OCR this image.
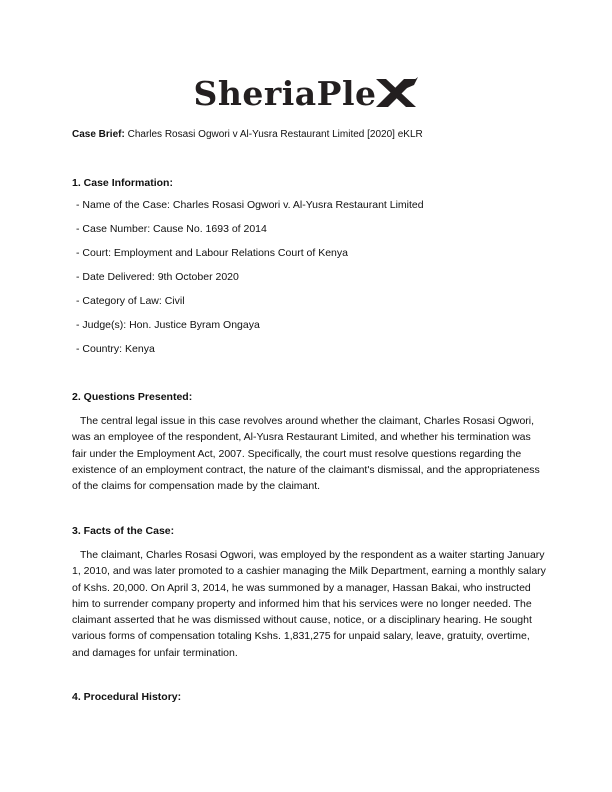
SheriaPle
Case Brief: Charles Rosasi Ogwori v Al-Yusra Restaurant Limited [2020] eKLR
1. Case Information:
- Name of the Case: Charles Rosasi Ogwori v. Al-Yusra Restaurant Limited
- Case Number: Cause No. 1693 of 2014
- Court: Employment and Labour Relations Court of Kenya
- Date Delivered: 9th October 2020
- Category of Law: Civil
- Judge(s): Hon. Justice Byram Ongaya
- Country: Kenya
2. Questions Presented:

The central legal issue in this case revolves around whether the claimant, Charles Rosasi Ogwori, was an employee of the respondent, Al-Yusra Restaurant Limited, and whether his termination was fair under the Employment Act, 2007. Specifically, the court must resolve questions regarding the existence of an employment contract, the nature of the claimant's dismissal, and the appropriateness of the claims for compensation made by the claimant.

3. Facts of the Case:

The claimant, Charles Rosasi Ogwori, was employed by the respondent as a waiter starting January 1, 2010, and was later promoted to a cashier managing the Milk Department, earning a monthly salary of Kshs. 20,000. On April 3, 2014, he was summoned by a manager, Hassan Bakai, who instructed him to surrender company property and informed him that his services were no longer needed. The claimant asserted that he was dismissed without cause, notice, or a disciplinary hearing. He sought various forms of compensation totaling Kshs. 1,831,275 for unpaid salary, leave, gratuity, overtime, and damages for unfair termination.

4. Procedural History:
